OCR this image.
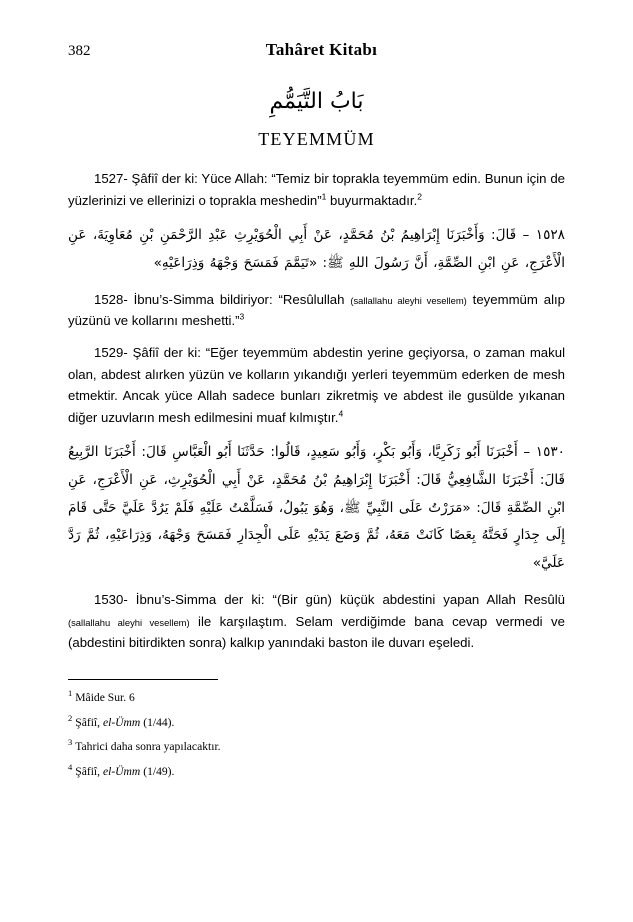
382	Tahâret Kitabı
بَابُ التَّيَمُّمِ
TEYEMMÜM

1527- Şâfiî der ki: Yüce Allah: “Temiz bir toprakla teyemmüm edin. Bunun için de yüzlerinizi ve ellerinizi o toprakla meshedin”$^1$ buyurmaktadır.$^2$

١٥٢٨ – قَالَ: وَأَخْبَرَنَا إِبْرَاهِيمُ بْنُ مُحَمَّدٍ، عَنْ أَبِي الْحُوَيْرِثِ عَبْدِ الرَّحْمَنِ بْنِ مُعَاوِيَةَ، عَنِ الْأَعْرَجِ، عَنِ ابْنِ الصِّمَّةِ، أَنَّ رَسُولَ اللهِ ﷺ: «تَيَمَّمَ فَمَسَحَ وَجْهَهُ وَذِرَاعَيْهِ»

1528- İbnu’s-Simma bildiriyor: “Resûlullah (sallallahu aleyhi vesellem) teyemmüm alıp yüzünü ve kollarını meshetti.”$^3$

1529- Şâfiî der ki: “Eğer teyemmüm abdestin yerine geçiyorsa, o zaman makul olan, abdest alırken yüzün ve kolların yıkandığı yerleri teyemmüm ederken de mesh etmektir. Ancak yüce Allah sadece bunları zikretmiş ve abdest ile gusülde yıkanan diğer uzuvların mesh edilmesini muaf kılmıştır.$^4$

١٥٣٠ – أَخْبَرَنَا أَبُو زَكَرِيَّا، وَأَبُو بَكْرٍ، وَأَبُو سَعِيدٍ، قَالُوا: حَدَّثَنَا أَبُو الْعَبَّاسِ قَالَ: أَخْبَرَنَا الرَّبِيعُ قَالَ: أَخْبَرَنَا الشَّافِعِيُّ قَالَ: أَخْبَرَنَا إِبْرَاهِيمُ بْنُ مُحَمَّدٍ، عَنْ أَبِي الْحُوَيْرِثِ، عَنِ الْأَعْرَجِ، عَنِ ابْنِ الصِّمَّةِ قَالَ: «مَرَرْتُ عَلَى النَّبِيِّ ﷺ، وَهُوَ يَبُولُ، فَسَلَّمْتُ عَلَيْهِ فَلَمْ يَرُدَّ عَلَيَّ حَتَّى قَامَ إِلَى جِدَارٍ فَحَتَّهُ بِعَصًا كَانَتْ مَعَهُ، ثُمَّ وَضَعَ يَدَيْهِ عَلَى الْجِدَارِ فَمَسَحَ وَجْهَهُ، وَذِرَاعَيْهِ، ثُمَّ رَدَّ عَلَيَّ»

1530- İbnu’s-Simma der ki: “(Bir gün) küçük abdestini yapan Allah Resûlü (sallallahu aleyhi vesellem) ile karşılaştım. Selam verdiğimde bana cevap vermedi ve (abdestini bitirdikten sonra) kalkıp yanındaki baston ile duvarı eşeledi.

$^1$ Mâide Sur. 6

$^2$ Şâfiî, el-Ümm (1/44).

$^3$ Tahrici daha sonra yapılacaktır.

$^4$ Şâfiî, el-Ümm (1/49).
